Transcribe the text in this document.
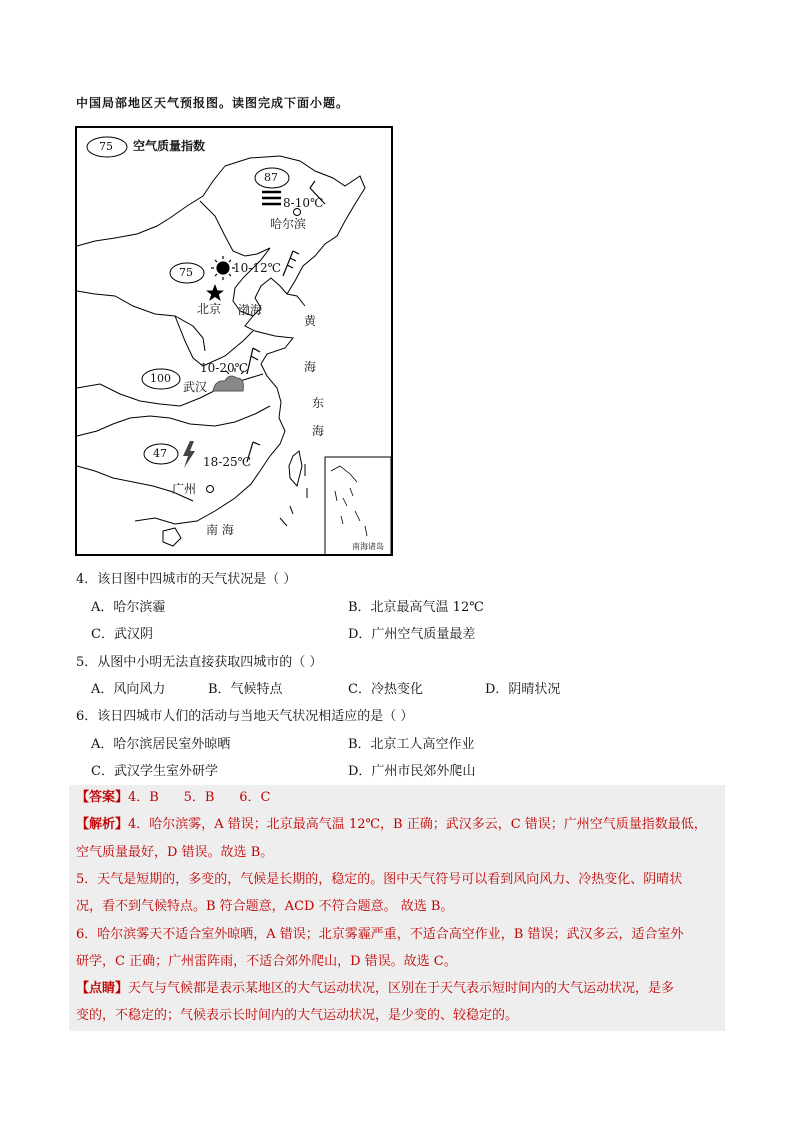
中国局部地区天气预报图。读图完成下面小题。
75 空气质量指数
87
8-10℃
哈尔滨
75	10-12℃
北京 渤海
黄
海
10-20℃
100
武汉
东
海
47
18-25℃
广州
南 海
南海诸岛
4．该日图中四城市的天气状况是（ ）
A．哈尔滨霾	B．北京最高气温 12℃
C．武汉阴	D．广州空气质量最差
5．从图中小明无法直接获取四城市的（ ）
A．风向风力	B．气候特点	C．冷热变化	D．阴晴状况
6．该日四城市人们的活动与当地天气状况相适应的是（ ）
A．哈尔滨居民室外晾晒	B．北京工人高空作业
C．武汉学生室外研学	D．广州市民郊外爬山
【答案】4．B      5．B      6．C
【解析】4．哈尔滨雾，A 错误；北京最高气温 12℃，B 正确；武汉多云，C 错误；广州空气质量指数最低，
空气质量最好，D 错误。故选 B。
5．天气是短期的，多变的，气候是长期的，稳定的。图中天气符号可以看到风向风力、冷热变化、阴晴状
况，看不到气候特点。B 符合题意，ACD 不符合题意。 故选 B。
6．哈尔滨雾天不适合室外晾晒，A 错误；北京雾霾严重，不适合高空作业，B 错误；武汉多云，适合室外
研学，C 正确；广州雷阵雨，不适合郊外爬山，D 错误。故选 C。
【点睛】天气与气候都是表示某地区的大气运动状况，区别在于天气表示短时间内的大气运动状况，是多
变的，不稳定的；气候表示长时间内的大气运动状况，是少变的、较稳定的。
